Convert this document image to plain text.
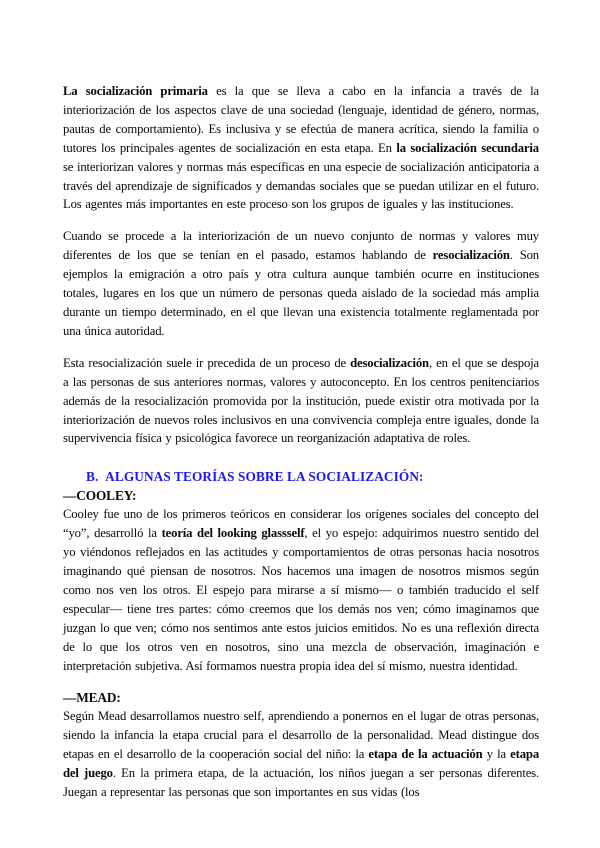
La socialización primaria es la que se lleva a cabo en la infancia a través de la interiorización de los aspectos clave de una sociedad (lenguaje, identidad de género, normas, pautas de comportamiento). Es inclusiva y se efectúa de manera acrítica, siendo la familia o tutores los principales agentes de socialización en esta etapa. En la socialización secundaria se interiorizan valores y normas más específicas en una especie de socialización anticipatoria a través del aprendizaje de significados y demandas sociales que se puedan utilizar en el futuro. Los agentes más importantes en este proceso son los grupos de iguales y las instituciones.

Cuando se procede a la interiorización de un nuevo conjunto de normas y valores muy diferentes de los que se tenían en el pasado, estamos hablando de resocialización. Son ejemplos la emigración a otro país y otra cultura aunque también ocurre en instituciones totales, lugares en los que un número de personas queda aislado de la sociedad más amplia durante un tiempo determinado, en el que llevan una existencia totalmente reglamentada por una única autoridad.

Esta resocialización suele ir precedida de un proceso de desocialización, en el que se despoja a las personas de sus anteriores normas, valores y autoconcepto. En los centros penitenciarios además de la resocialización promovida por la institución, puede existir otra motivada por la interiorización de nuevos roles inclusivos en una convivencia compleja entre iguales, donde la supervivencia física y psicológica favorece un reorganización adaptativa de roles.

B. ALGUNAS TEORÍAS SOBRE LA SOCIALIZACIÓN:

—COOLEY:

Cooley fue uno de los primeros teóricos en considerar los orígenes sociales del concepto del “yo”, desarrolló la teoría del looking glassself, el yo espejo: adquirimos nuestro sentido del yo viéndonos reflejados en las actitudes y comportamientos de otras personas hacia nosotros imaginando qué piensan de nosotros. Nos hacemos una imagen de nosotros mismos según como nos ven los otros. El espejo para mirarse a sí mismo— o también traducido el self especular— tiene tres partes: cómo creemos que los demás nos ven; cómo imaginamos que juzgan lo que ven; cómo nos sentimos ante estos juicios emitidos. No es una reflexión directa de lo que los otros ven en nosotros, sino una mezcla de observación, imaginación e interpretación subjetiva. Así formamos nuestra propia idea del sí mismo, nuestra identidad.

—MEAD:

Según Mead desarrollamos nuestro self, aprendiendo a ponernos en el lugar de otras personas, siendo la infancia la etapa crucial para el desarrollo de la personalidad. Mead distingue dos etapas en el desarrollo de la cooperación social del niño: la etapa de la actuación y la etapa del juego. En la primera etapa, de la actuación, los niños juegan a ser personas diferentes. Juegan a representar las personas que son importantes en sus vidas (los
